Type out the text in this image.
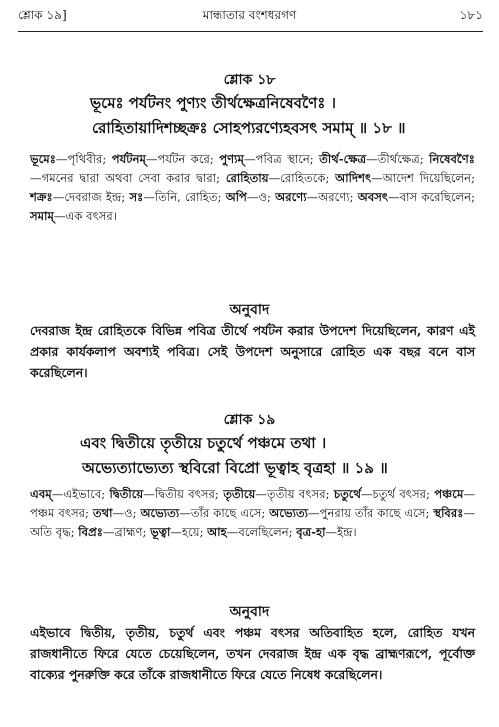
শ্লোক ১৯]	মান্ধাতার বংশধরগণ	১৮১
শ্লোক ১৮
ভূমেঃ পর্যটনং পুণ্যং তীর্থক্ষেত্রনিষেবণৈঃ ।
রোহিতায়াদিশচ্ছক্রঃ সোহপ্যরণ্যেহবসৎ সমাম্ ॥ ১৮ ॥

ভূমেঃ—পৃথিবীর; পর্যটনম্—পর্যটন করে; পুণ্যম্—পবিত্র স্থানে; তীর্থ-ক্ষেত্র—তীর্থক্ষেত্র; নিষেবণৈঃ—গমনের দ্বারা অথবা সেবা করার দ্বারা; রোহিতায়—রোহিতকে; আদিশৎ—আদেশ দিয়েছিলেন; শক্রঃ—দেবরাজ ইন্দ্র; সঃ—তিনি, রোহিত; অপি—ও; অরণ্যে—অরণ্যে; অবসৎ—বাস করেছিলেন; সমাম্—এক বৎসর।

অনুবাদ

দেবরাজ ইন্দ্র রোহিতকে বিভিন্ন পবিত্র তীর্থে পর্যটন করার উপদেশ দিয়েছিলেন, কারণ এই প্রকার কার্যকলাপ অবশ্যই পবিত্র। সেই উপদেশ অনুসারে রোহিত এক বছর বনে বাস করেছিলেন।

শ্লোক ১৯
এবং দ্বিতীয়ে তৃতীয়ে চতুর্থে পঞ্চমে তথা ।
অভ্যেত্যাভ্যেত্য স্থবিরো বিপ্রো ভূত্বাহ বৃত্রহা ॥ ১৯ ॥

এবম্—এইভাবে; দ্বিতীয়ে—দ্বিতীয় বৎসর; তৃতীয়ে—তৃতীয় বৎসর; চতুর্থে—চতুর্থ বৎসর; পঞ্চমে—পঞ্চম বৎসর; তথা—ও; অভ্যেত্য—তাঁর কাছে এসে; অভ্যেত্য—পুনরায় তাঁর কাছে এসে; স্থবিরঃ—অতি বৃদ্ধ; বিপ্রঃ—ব্রাহ্মণ; ভূত্বা—হয়ে; আহ—বলেছিলেন; বৃত্র-হা—ইন্দ্র।

অনুবাদ

এইভাবে দ্বিতীয়, তৃতীয়, চতুর্থ এবং পঞ্চম বৎসর অতিবাহিত হলে, রোহিত যখন রাজধানীতে ফিরে যেতে চেয়েছিলেন, তখন দেবরাজ ইন্দ্র এক বৃদ্ধ ব্রাহ্মণরূপে, পূর্বোক্ত বাক্যের পুনরুক্তি করে তাঁকে রাজধানীতে ফিরে যেতে নিষেধ করেছিলেন।
